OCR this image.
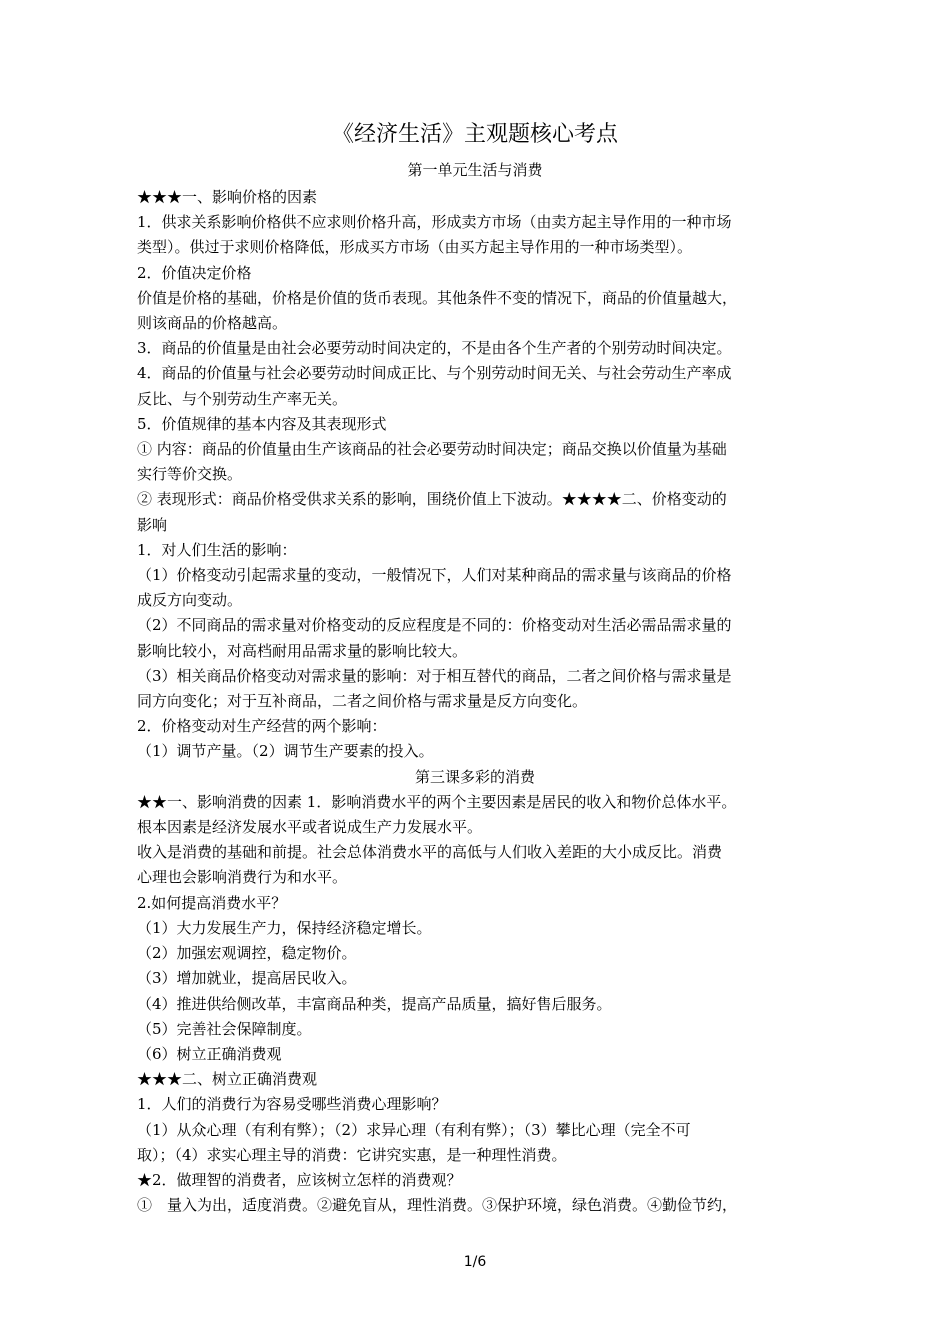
《经济生活》主观题核心考点
第一单元生活与消费
★★★一、影响价格的因素
1．供求关系影响价格供不应求则价格升高，形成卖方市场（由卖方起主导作用的一种市场
类型）。供过于求则价格降低，形成买方市场（由买方起主导作用的一种市场类型）。
2．价值决定价格
价值是价格的基础，价格是价值的货币表现。其他条件不变的情况下，商品的价值量越大，
则该商品的价格越高。
3．商品的价值量是由社会必要劳动时间决定的，不是由各个生产者的个别劳动时间决定。
4．商品的价值量与社会必要劳动时间成正比、与个别劳动时间无关、与社会劳动生产率成
反比、与个别劳动生产率无关。
5．价值规律的基本内容及其表现形式
① 内容：商品的价值量由生产该商品的社会必要劳动时间决定；商品交换以价值量为基础
实行等价交换。
② 表现形式：商品价格受供求关系的影响，围绕价值上下波动。★★★★二、价格变动的
影响
1．对人们生活的影响：
（1）价格变动引起需求量的变动，一般情况下，人们对某种商品的需求量与该商品的价格
成反方向变动。
（2）不同商品的需求量对价格变动的反应程度是不同的：价格变动对生活必需品需求量的
影响比较小，对高档耐用品需求量的影响比较大。
（3）相关商品价格变动对需求量的影响：对于相互替代的商品，二者之间价格与需求量是
同方向变化；对于互补商品，二者之间价格与需求量是反方向变化。
2．价格变动对生产经营的两个影响：
（1）调节产量。（2）调节生产要素的投入。
第三课多彩的消费
★★一、影响消费的因素 1．影响消费水平的两个主要因素是居民的收入和物价总体水平。
根本因素是经济发展水平或者说成生产力发展水平。
收入是消费的基础和前提。社会总体消费水平的高低与人们收入差距的大小成反比。消费
心理也会影响消费行为和水平。
2.如何提高消费水平？
（1）大力发展生产力，保持经济稳定增长。
（2）加强宏观调控，稳定物价。
（3）增加就业，提高居民收入。
（4）推进供给侧改革，丰富商品种类，提高产品质量，搞好售后服务。
（5）完善社会保障制度。
（6）树立正确消费观
★★★二、树立正确消费观
1．人们的消费行为容易受哪些消费心理影响？
（1）从众心理（有利有弊）；（2）求异心理（有利有弊）；（3）攀比心理（完全不可
取）；（4）求实心理主导的消费：它讲究实惠，是一种理性消费。
★2．做理智的消费者，应该树立怎样的消费观？
①　量入为出，适度消费。②避免盲从，理性消费。③保护环境，绿色消费。④勤俭节约，
1/6
